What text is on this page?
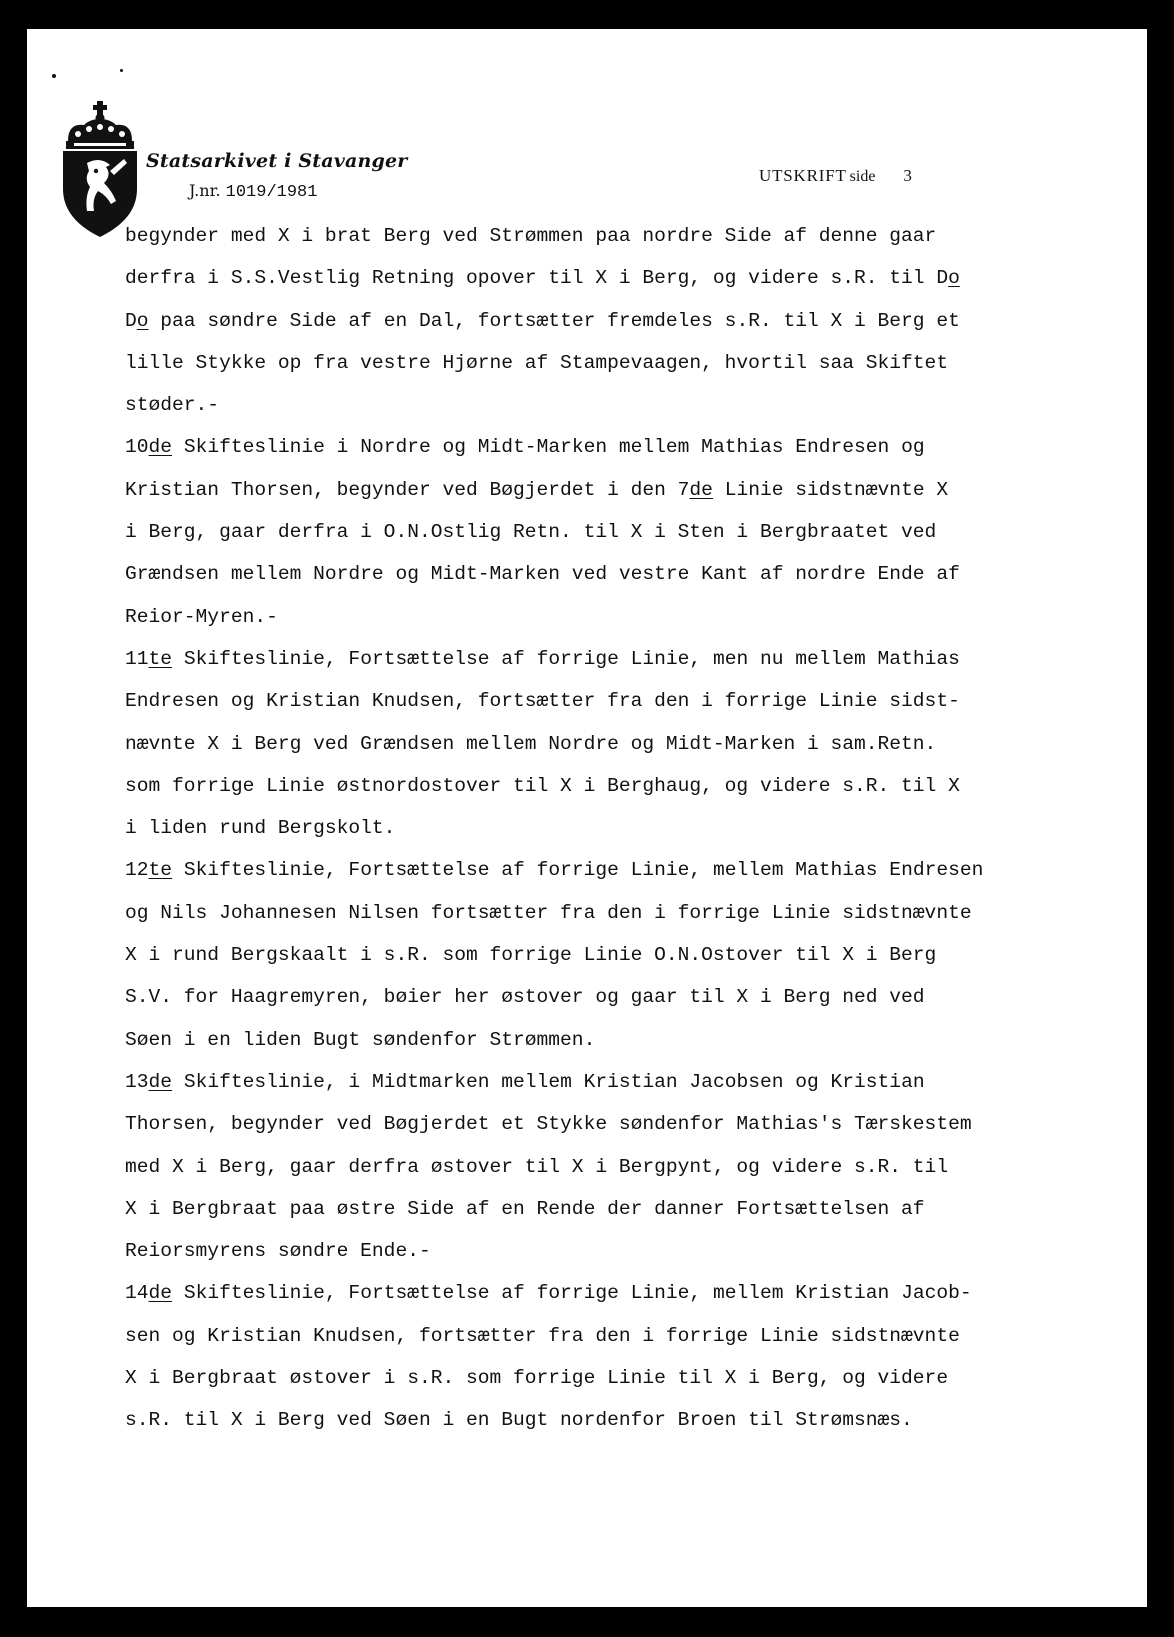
Statsarkivet i Stavanger
J.nr. 1019/1981
UTSKRIFT side 3
begynder med X i brat Berg ved Strømmen paa nordre Side af denne gaar
derfra i S.S.Vestlig Retning opover til X i Berg, og videre s.R. til Do
Do paa søndre Side af en Dal, fortsætter fremdeles s.R. til X i Berg et
lille Stykke op fra vestre Hjørne af Stampevaagen, hvortil saa Skiftet
støder.-
10de Skifteslinie i Nordre og Midt-Marken mellem Mathias Endresen og
Kristian Thorsen, begynder ved Bøgjerdet i den 7de Linie sidstnævnte X
i Berg, gaar derfra i O.N.Ostlig Retn. til X i Sten i Bergbraatet ved
Grændsen mellem Nordre og Midt-Marken ved vestre Kant af nordre Ende af
Reior-Myren.-
11te Skifteslinie, Fortsættelse af forrige Linie, men nu mellem Mathias
Endresen og Kristian Knudsen, fortsætter fra den i forrige Linie sidst-
nævnte X i Berg ved Grændsen mellem Nordre og Midt-Marken i sam.Retn.
som forrige Linie østnordostover til X i Berghaug, og videre s.R. til X
i liden rund Bergskolt.
12te Skifteslinie, Fortsættelse af forrige Linie, mellem Mathias Endresen
og Nils Johannesen Nilsen fortsætter fra den i forrige Linie sidstnævnte
X i rund Bergskaalt i s.R. som forrige Linie O.N.Ostover til X i Berg
S.V. for Haagremyren, bøier her østover og gaar til X i Berg ned ved
Søen i en liden Bugt søndenfor Strømmen.
13de Skifteslinie, i Midtmarken mellem Kristian Jacobsen og Kristian
Thorsen, begynder ved Bøgjerdet et Stykke søndenfor Mathias's Tærskestem
med X i Berg, gaar derfra østover til X i Bergpynt, og videre s.R. til
X i Bergbraat paa østre Side af en Rende der danner Fortsættelsen af
Reiorsmyrens søndre Ende.-
14de Skifteslinie, Fortsættelse af forrige Linie, mellem Kristian Jacob-
sen og Kristian Knudsen, fortsætter fra den i forrige Linie sidstnævnte
X i Bergbraat østover i s.R. som forrige Linie til X i Berg, og videre
s.R. til X i Berg ved Søen i en Bugt nordenfor Broen til Strømsnæs.
